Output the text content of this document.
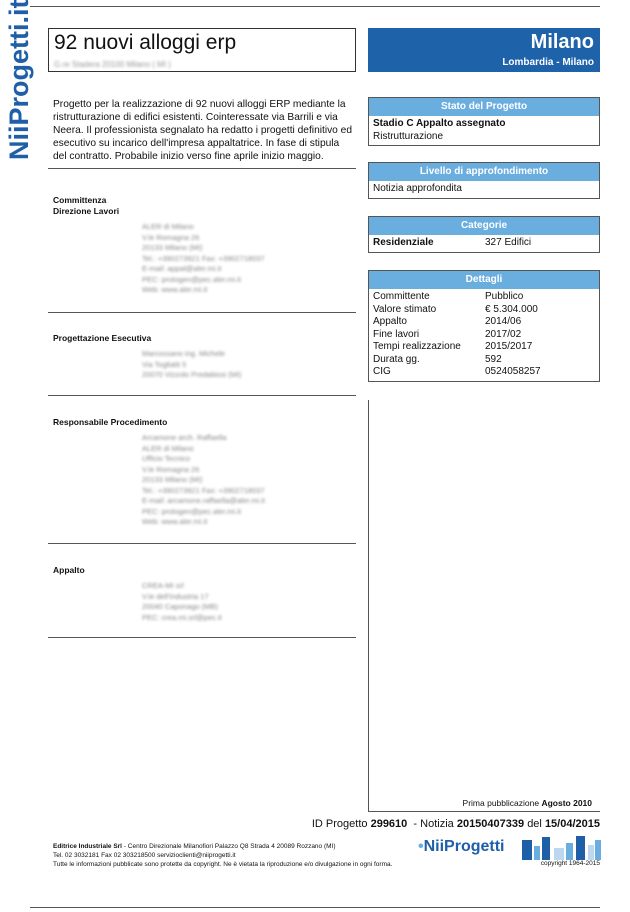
NiiProgetti.it 92 nuovi alloggi erp
G.re Stadera 20100 Milano ( MI )
Milano
Lombardia - Milano
Progetto per la realizzazione di 92 nuovi alloggi ERP mediante la ristrutturazione di edifici esistenti. Cointeressate via Barrili e via Neera. Il professionista segnalato ha redatto i progetti definitivo ed esecutivo su incarico dell'impresa appaltatrice. In fase di stipula del contratto. Probabile inizio verso fine aprile inizio maggio.
Committenza
Direzione Lavori
ALER di Milano
V.le Romagna 26
20133 Milano (MI)
Tel.: +390273921 Fax: +3902718037
E-mail: appal@aler.mi.it
PEC: protogen@pec.aler.mi.it
Web: www.aler.mi.it
Progettazione Esecutiva
Marcossano ing. Michele
Via Togliatti 5
20070 Vizzolo Predabissi (MI)
Responsabile Procedimento
Arcamone arch. Raffaella
ALER di Milano
Ufficio Tecnico
V.le Romagna 26
20133 Milano (MI)
Tel.: +390273921 Fax: +3902718037
E-mail: arcamone.raffaella@aler.mi.it
PEC: protogen@pec.aler.mi.it
Web: www.aler.mi.it
Appalto
CREA-MI srl
V.le dell'Industria 17
20040 Caponago (MB)
PEC: crea.mi.srl@pec.it
Stato del Progetto
Stadio C Appalto assegnato
Ristrutturazione
Livello di approfondimento
Notizia approfondita
Categorie
Residenziale	327 Edifici
Dettagli
Committente	Pubblico
Valore stimato	€ 5.304.000
Appalto	2014/06
Fine lavori	2017/02
Tempi realizzazione	2015/2017
Durata gg.	592
CIG	0524058257
Prima pubblicazione Agosto 2010
ID Progetto 299610 - Notizia 20150407339 del 15/04/2015
Editrice Industriale Srl - Centro Direzionale Milanofiori Palazzo Q8 Strada 4 20089 Rozzano (MI)
Tel. 02 3032181 Fax 02 303218500 servizioclienti@niiprogetti.it
Tutte le informazioni pubblicate sono protette da copyright. Ne è vietata la riproduzione e/o divulgazione in ogni forma.
•NiiProgetti
copyright 1964-2015
